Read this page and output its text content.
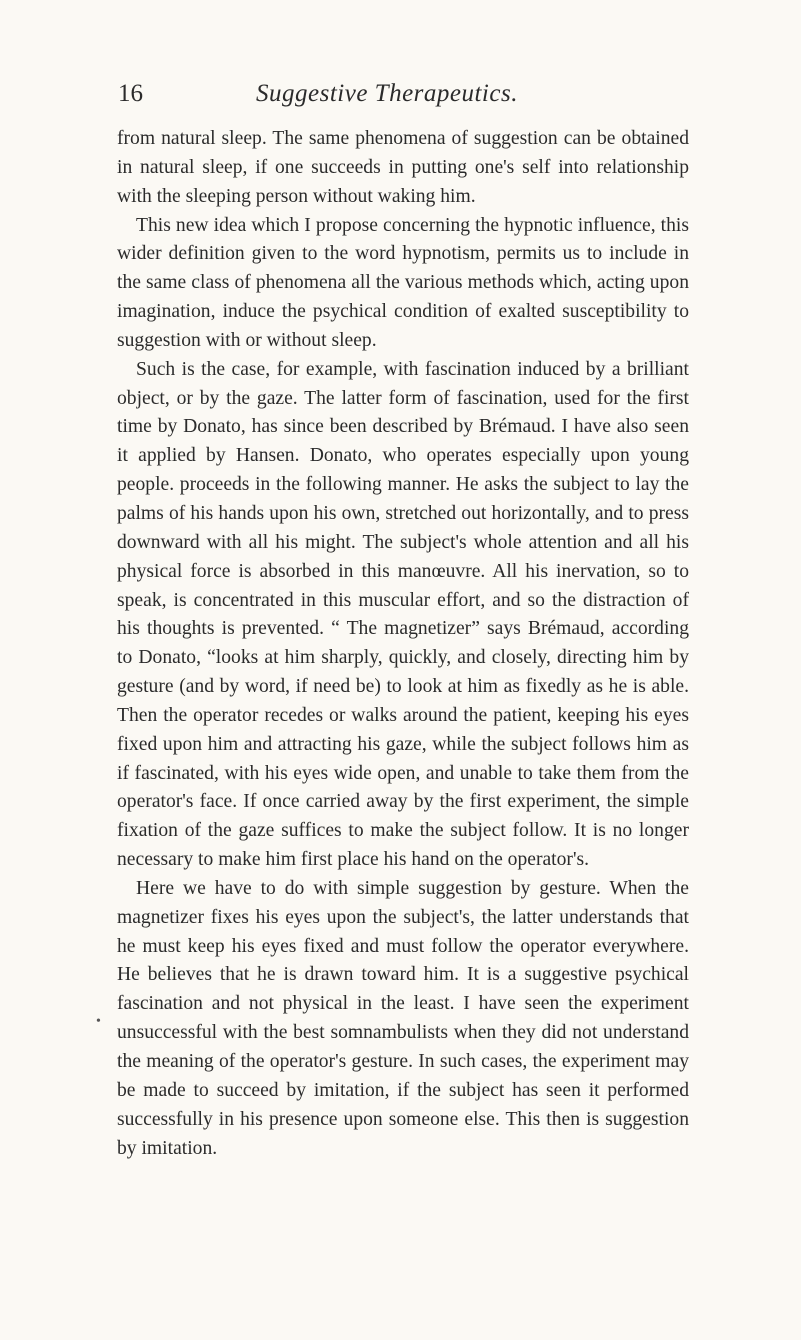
16	Suggestive Therapeutics.

from natural sleep. The same phenomena of suggestion can be obtained in natural sleep, if one succeeds in putting one's self into relationship with the sleeping person without waking him.

This new idea which I propose concerning the hypnotic influence, this wider definition given to the word hypnotism, permits us to include in the same class of phenomena all the various methods which, acting upon imagination, induce the psychical condition of exalted susceptibility to suggestion with or without sleep.

Such is the case, for example, with fascination induced by a brilliant object, or by the gaze. The latter form of fascination, used for the first time by Donato, has since been described by Brémaud. I have also seen it applied by Hansen. Donato, who operates especially upon young people. proceeds in the following manner. He asks the subject to lay the palms of his hands upon his own, stretched out horizontally, and to press downward with all his might. The subject's whole attention and all his physical force is absorbed in this manœuvre. All his inervation, so to speak, is concentrated in this muscular effort, and so the distraction of his thoughts is prevented. “ The magnetizer” says Brémaud, according to Donato, “looks at him sharply, quickly, and closely, directing him by gesture (and by word, if need be) to look at him as fixedly as he is able. Then the operator recedes or walks around the patient, keeping his eyes fixed upon him and attracting his gaze, while the subject follows him as if fascinated, with his eyes wide open, and unable to take them from the operator's face. If once carried away by the first experiment, the simple fixation of the gaze suffices to make the subject follow. It is no longer necessary to make him first place his hand on the operator's.

Here we have to do with simple suggestion by gesture. When the magnetizer fixes his eyes upon the subject's, the latter understands that he must keep his eyes fixed and must follow the operator everywhere. He believes that he is drawn toward him. It is a suggestive psychical fascination and not physical in the least. I have seen the experiment unsuccessful with the best somnambulists when they did not understand the meaning of the operator's gesture. In such cases, the experiment may be made to succeed by imitation, if the subject has seen it performed successfully in his presence upon someone else. This then is suggestion by imitation.

•
